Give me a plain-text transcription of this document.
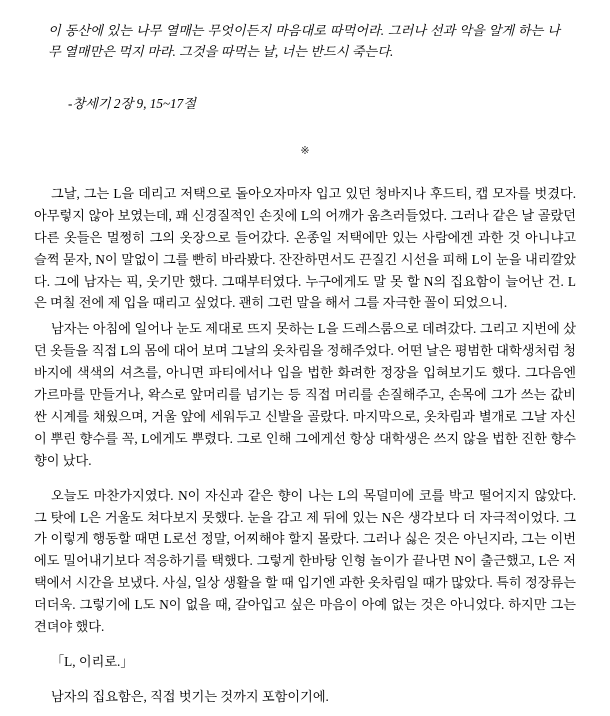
이 동산에 있는 나무 열매는 무엇이든지 마음대로 따먹어라. 그러나 선과 악을 알게 하는 나무 열매만은 먹지 마라. 그것을 따먹는 날, 너는 반드시 죽는다.
-창세기 2장 9, 15~17절
※

그날, 그는 L을 데리고 저택으로 돌아오자마자 입고 있던 청바지나 후드티, 캡 모자를 벗겼다. 아무렇지 않아 보였는데, 꽤 신경질적인 손짓에 L의 어깨가 움츠러들었다. 그러나 같은 날 골랐던 다른 옷들은 멀쩡히 그의 옷장으로 들어갔다. 온종일 저택에만 있는 사람에겐 과한 것 아니냐고 슬쩍 묻자, N이 말없이 그를 빤히 바라봤다. 잔잔하면서도 끈질긴 시선을 피해 L이 눈을 내리깔았다. 그에 남자는 픽, 웃기만 했다. 그때부터였다. 누구에게도 말 못 할 N의 집요함이 늘어난 건. L은 며칠 전에 제 입을 때리고 싶었다. 괜히 그런 말을 해서 그를 자극한 꼴이 되었으니.

남자는 아침에 일어나 눈도 제대로 뜨지 못하는 L을 드레스룸으로 데려갔다. 그리고 지번에 샀던 옷들을 직접 L의 몸에 대어 보며 그날의 옷차림을 정해주었다. 어떤 날은 평범한 대학생처럼 청바지에 색색의 셔츠를, 아니면 파티에서나 입을 법한 화려한 정장을 입혀보기도 했다. 그다음엔 가르마를 만들거나, 왁스로 앞머리를 넘기는 등 직접 머리를 손질해주고, 손목에 그가 쓰는 값비싼 시계를 채웠으며, 거울 앞에 세워두고 신발을 골랐다. 마지막으로, 옷차림과 별개로 그날 자신이 뿌린 향수를 꼭, L에게도 뿌렸다. 그로 인해 그에게선 항상 대학생은 쓰지 않을 법한 진한 향수 향이 났다.

오늘도 마찬가지였다. N이 자신과 같은 향이 나는 L의 목덜미에 코를 박고 떨어지지 않았다. 그 탓에 L은 거울도 쳐다보지 못했다. 눈을 감고 제 뒤에 있는 N은 생각보다 더 자극적이었다. 그가 이렇게 행동할 때면 L로선 정말, 어찌해야 할지 몰랐다. 그러나 싫은 것은 아닌지라, 그는 이번에도 밀어내기보다 적응하기를 택했다. 그렇게 한바탕 인형 놀이가 끝나면 N이 출근했고, L은 저택에서 시간을 보냈다. 사실, 일상 생활을 할 때 입기엔 과한 옷차림일 때가 많았다. 특히 정장류는 더더욱. 그렇기에 L도 N이 없을 때, 갈아입고 싶은 마음이 아예 없는 것은 아니었다. 하지만 그는 견뎌야 했다.

「L, 이리로.」

남자의 집요함은, 직접 벗기는 것까지 포함이기에.
